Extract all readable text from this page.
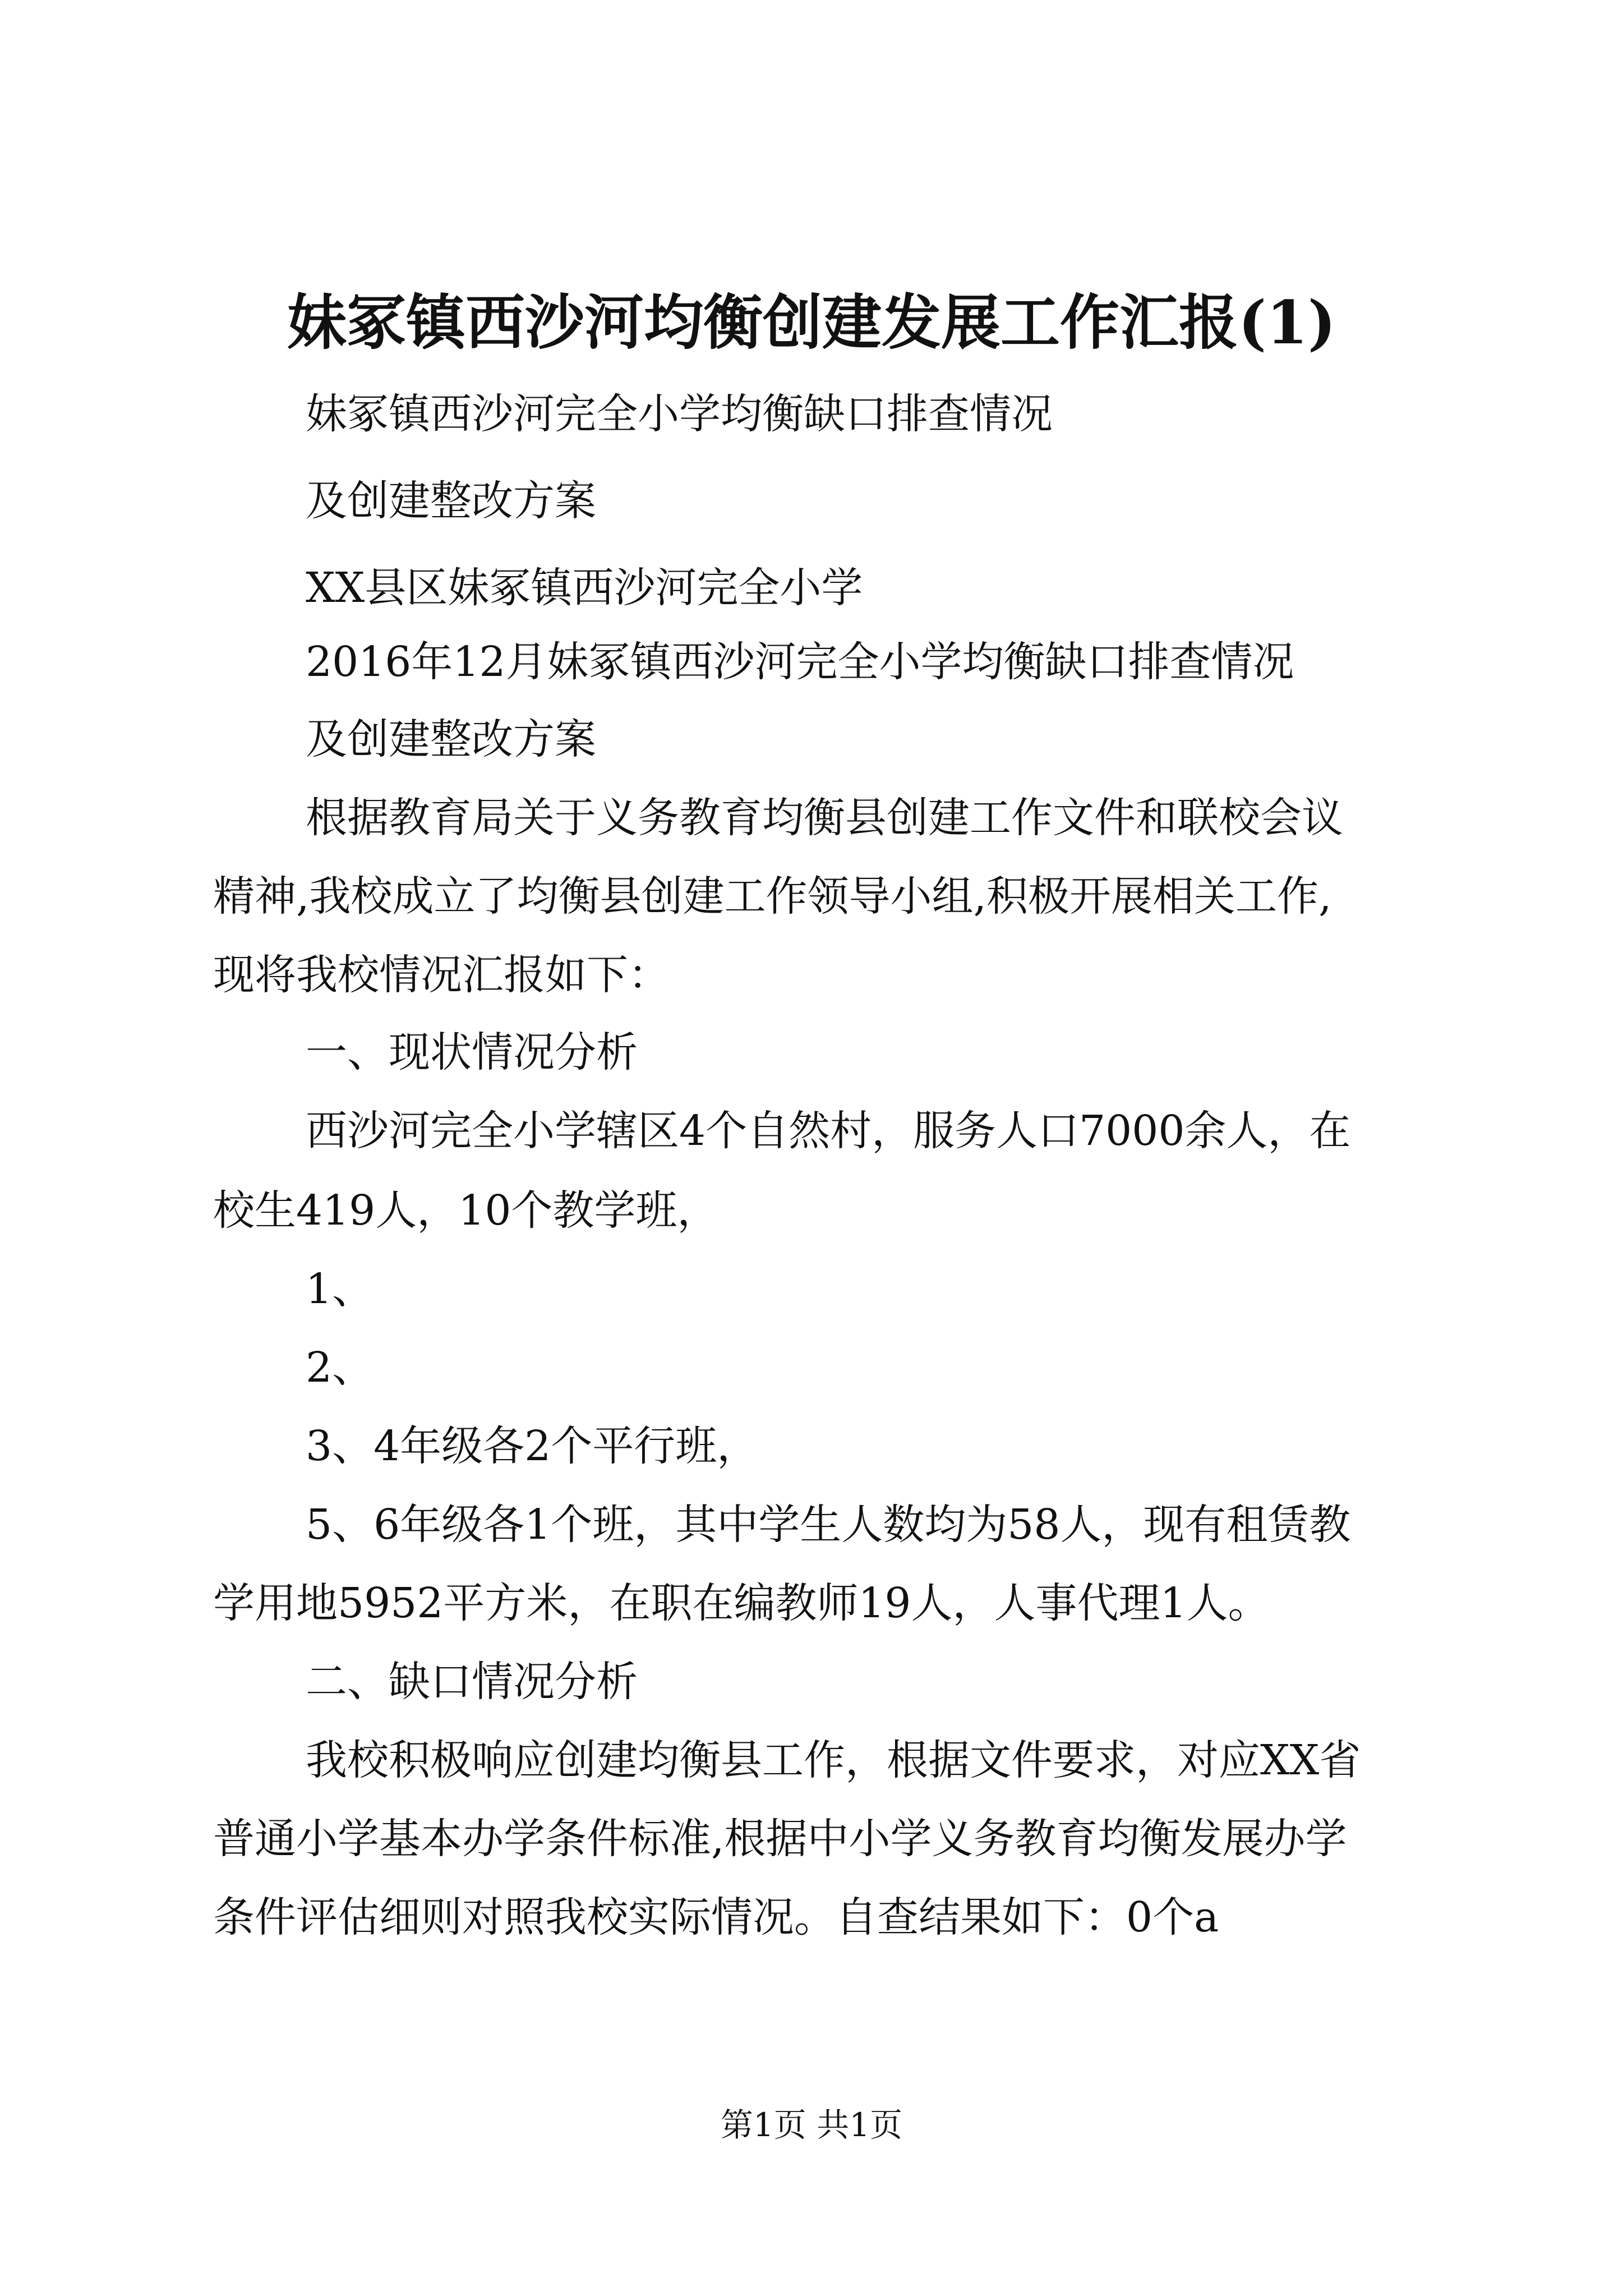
妹冢镇西沙河均衡创建发展工作汇报(1)
妹冢镇西沙河完全小学均衡缺口排查情况
及创建整改方案
XX县区妹冢镇西沙河完全小学
2016年12月妹冢镇西沙河完全小学均衡缺口排查情况
及创建整改方案
根据教育局关于义务教育均衡县创建工作文件和联校会议
精神,我校成立了均衡县创建工作领导小组,积极开展相关工作,
现将我校情况汇报如下：
一、现状情况分析
西沙河完全小学辖区4个自然村，服务人口7000余人，在
校生419人，10个教学班，
1、
2、
3、4年级各2个平行班，
5、6年级各1个班，其中学生人数均为58人，现有租赁教
学用地5952平方米，在职在编教师19人，人事代理1人。
二、缺口情况分析
我校积极响应创建均衡县工作，根据文件要求，对应XX省
普通小学基本办学条件标准,根据中小学义务教育均衡发展办学
条件评估细则对照我校实际情况。自查结果如下：0个a
第1页 共1页
